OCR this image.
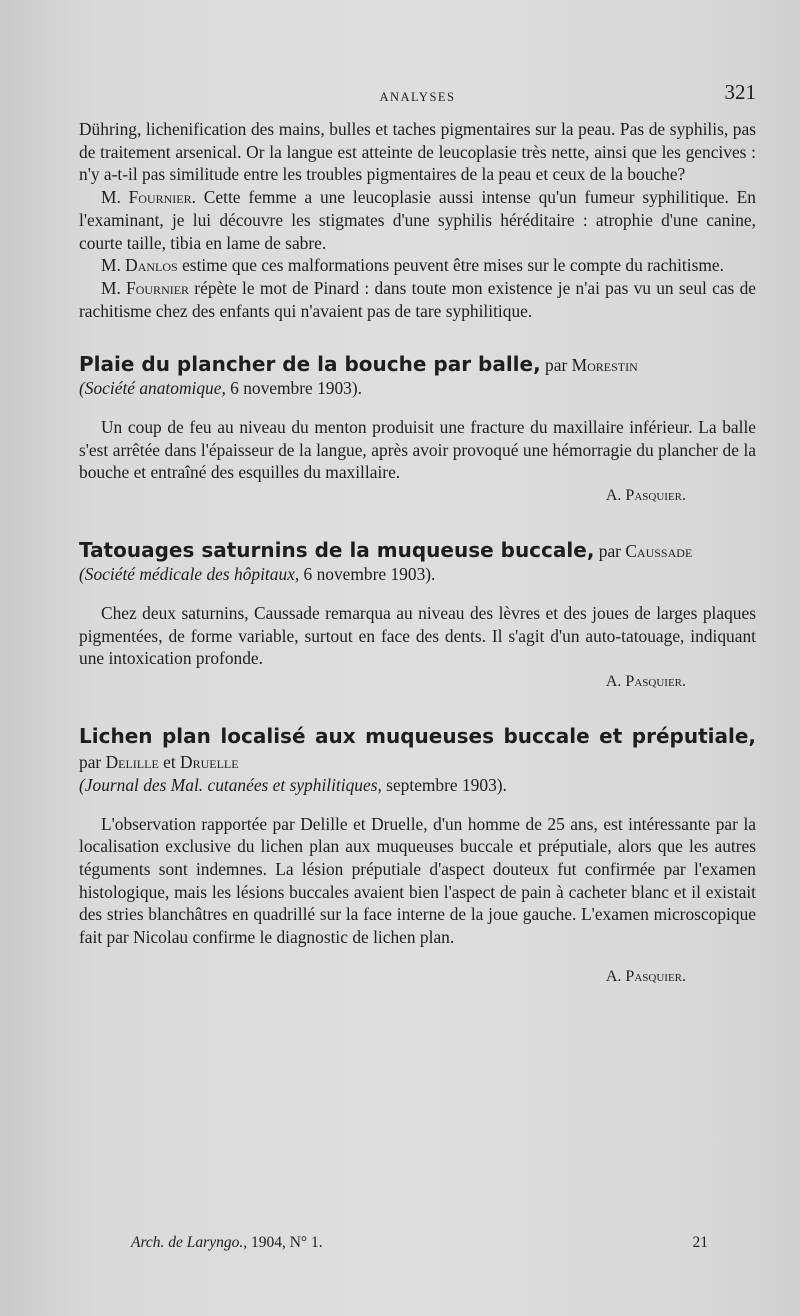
ANALYSES	321

Dühring, lichenification des mains, bulles et taches pigmentaires sur la peau. Pas de syphilis, pas de traitement arsenical. Or la langue est atteinte de leucoplasie très nette, ainsi que les gencives : n'y a-t-il pas similitude entre les troubles pigmentaires de la peau et ceux de la bouche?

M. Fournier. Cette femme a une leucoplasie aussi intense qu'un fumeur syphilitique. En l'examinant, je lui découvre les stigmates d'une syphilis héréditaire : atrophie d'une canine, courte taille, tibia en lame de sabre.

M. Danlos estime que ces malformations peuvent être mises sur le compte du rachitisme.

M. Fournier répète le mot de Pinard : dans toute mon existence je n'ai pas vu un seul cas de rachitisme chez des enfants qui n'avaient pas de tare syphilitique.

Plaie du plancher de la bouche par balle, par Morestin
(Société anatomique, 6 novembre 1903).

Un coup de feu au niveau du menton produisit une fracture du maxillaire inférieur. La balle s'est arrêtée dans l'épaisseur de la langue, après avoir provoqué une hémorragie du plancher de la bouche et entraîné des esquilles du maxillaire.

A. Pasquier.
Tatouages saturnins de la muqueuse buccale, par Caussade
(Société médicale des hôpitaux, 6 novembre 1903).

Chez deux saturnins, Caussade remarqua au niveau des lèvres et des joues de larges plaques pigmentées, de forme variable, surtout en face des dents. Il s'agit d'un auto-tatouage, indiquant une intoxication profonde.

A. Pasquier.
Lichen plan localisé aux muqueuses buccale et préputiale, par Delille et Druelle
(Journal des Mal. cutanées et syphilitiques, septembre 1903).

L'observation rapportée par Delille et Druelle, d'un homme de 25 ans, est intéressante par la localisation exclusive du lichen plan aux muqueuses buccale et préputiale, alors que les autres téguments sont indemnes. La lésion préputiale d'aspect douteux fut confirmée par l'examen histologique, mais les lésions buccales avaient bien l'aspect de pain à cacheter blanc et il existait des stries blanchâtres en quadrillé sur la face interne de la joue gauche. L'examen microscopique fait par Nicolau confirme le diagnostic de lichen plan.

A. Pasquier.
Arch. de Laryngo., 1904, N° 1.	21
